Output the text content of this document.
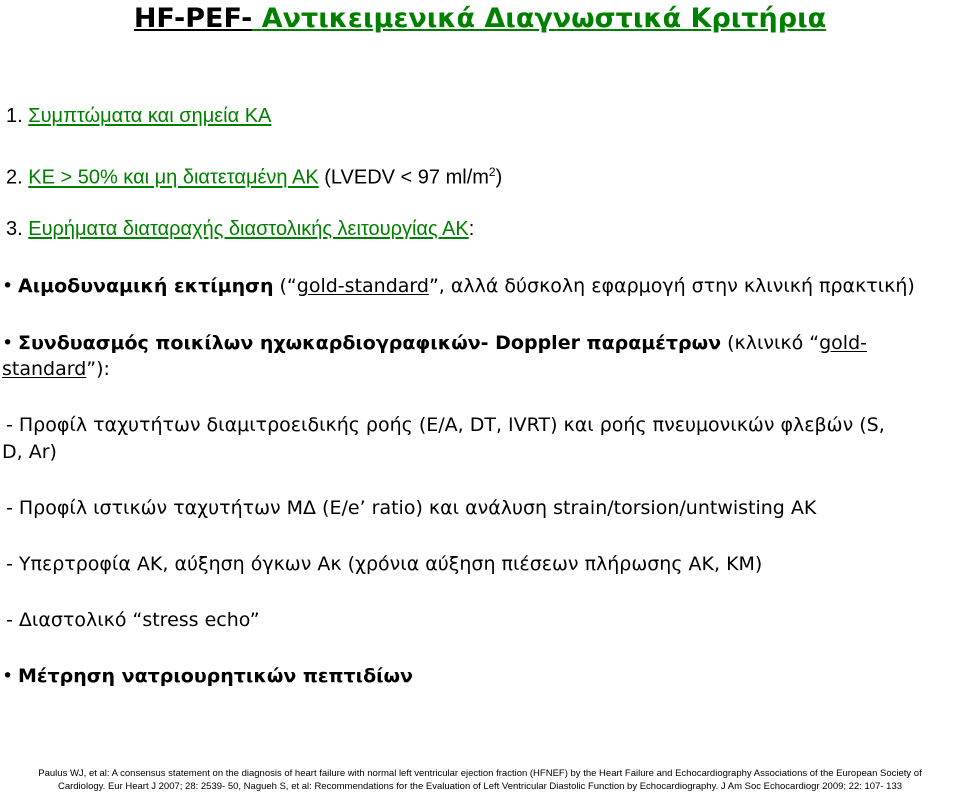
HF-PEF- Αντικειμενικά Διαγνωστικά Κριτήρια
1. Συμπτώματα και σημεία ΚΑ
2. ΚΕ > 50% και μη διατεταμένη ΑΚ (LVEDV < 97 $ml/m^2$)
3. Ευρήματα διαταραχής διαστολικής λειτουργίας ΑΚ:
• Αιμοδυναμική εκτίμηση (“gold-standard”, αλλά δύσκολη εφαρμογή στην κλινική πρακτική)
• Συνδυασμός ποικίλων ηχωκαρδιογραφικών- Doppler παραμέτρων (κλινικό “gold-
standard”):
- Προφίλ ταχυτήτων διαμιτροειδικής ροής (E/A, DT, IVRT) και ροής πνευμονικών φλεβών (S,
D, Ar)
- Προφίλ ιστικών ταχυτήτων ΜΔ (E/e’ ratio) και ανάλυση strain/torsion/untwisting AK
- Υπερτροφία ΑΚ, αύξηση όγκων Ακ (χρόνια αύξηση πιέσεων πλήρωσης ΑΚ, ΚΜ)
- Διαστολικό “stress echo”
• Μέτρηση νατριουρητικών πεπτιδίων
Paulus WJ, et al: A consensus statement on the diagnosis of heart failure with normal left ventricular ejection fraction (HFNEF) by the Heart Failure and Echocardiography Associations of the European Society of
Cardiology. Eur Heart J 2007; 28: 2539- 50, Nagueh S, et al: Recommendations for the Evaluation of Left Ventricular Diastolic Function by Echocardiography. J Am Soc Echocardiogr 2009; 22: 107- 133
